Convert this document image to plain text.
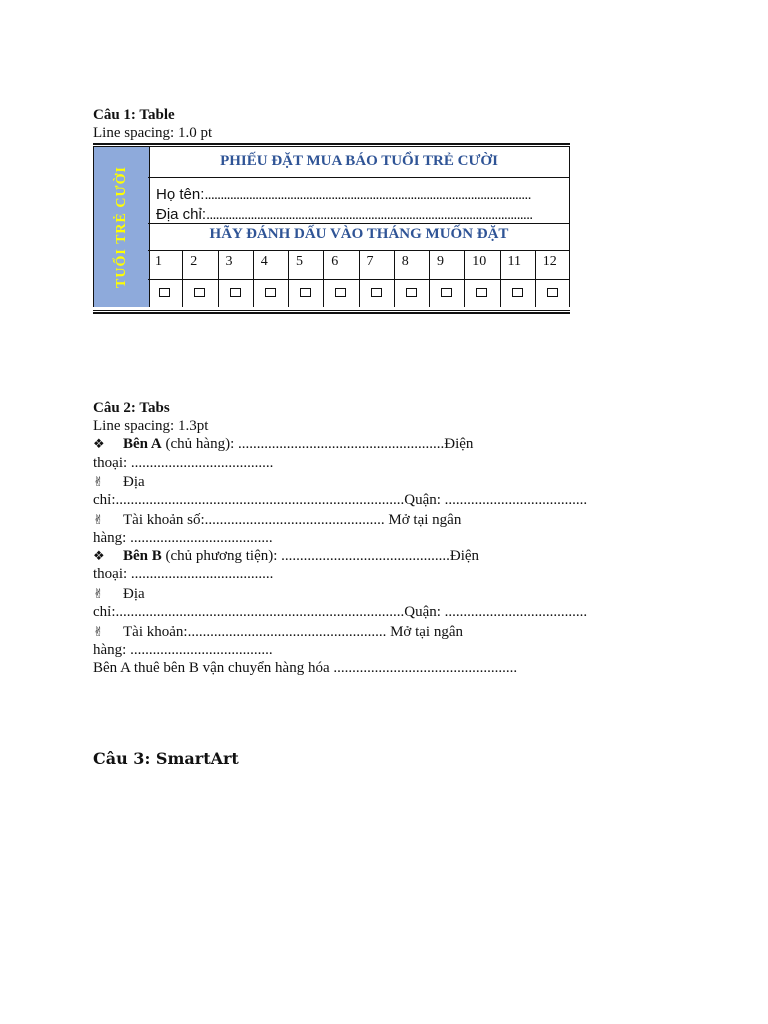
Câu 1: Table
Line spacing: 1.0 pt
TUỔI TRẺ CƯỜI
PHIẾU ĐẶT MUA BÁO TUỔI TRẺ CƯỜI
Họ tên:.......................................................................................................
Địa chỉ:.......................................................................................................
HÃY ĐÁNH DẤU VÀO THÁNG MUỐN ĐẶT
1 2 3 4 5 6 7 8 9 10 11 12
Câu 2: Tabs
Line spacing: 1.3pt
❖ Bên A (chủ hàng): .......................................................Điện
thoại: ......................................
✌ Địa
chỉ:.............................................................................Quận: ......................................
✌ Tài khoản số:................................................ Mở tại ngân
hàng: ......................................
❖ Bên B (chủ phương tiện): .............................................Điện
thoại: ......................................
✌ Địa
chỉ:.............................................................................Quận: ......................................
✌ Tài khoản:..................................................... Mở tại ngân
hàng: ......................................
Bên A thuê bên B vận chuyển hàng hóa .................................................
Câu 3: SmartArt
